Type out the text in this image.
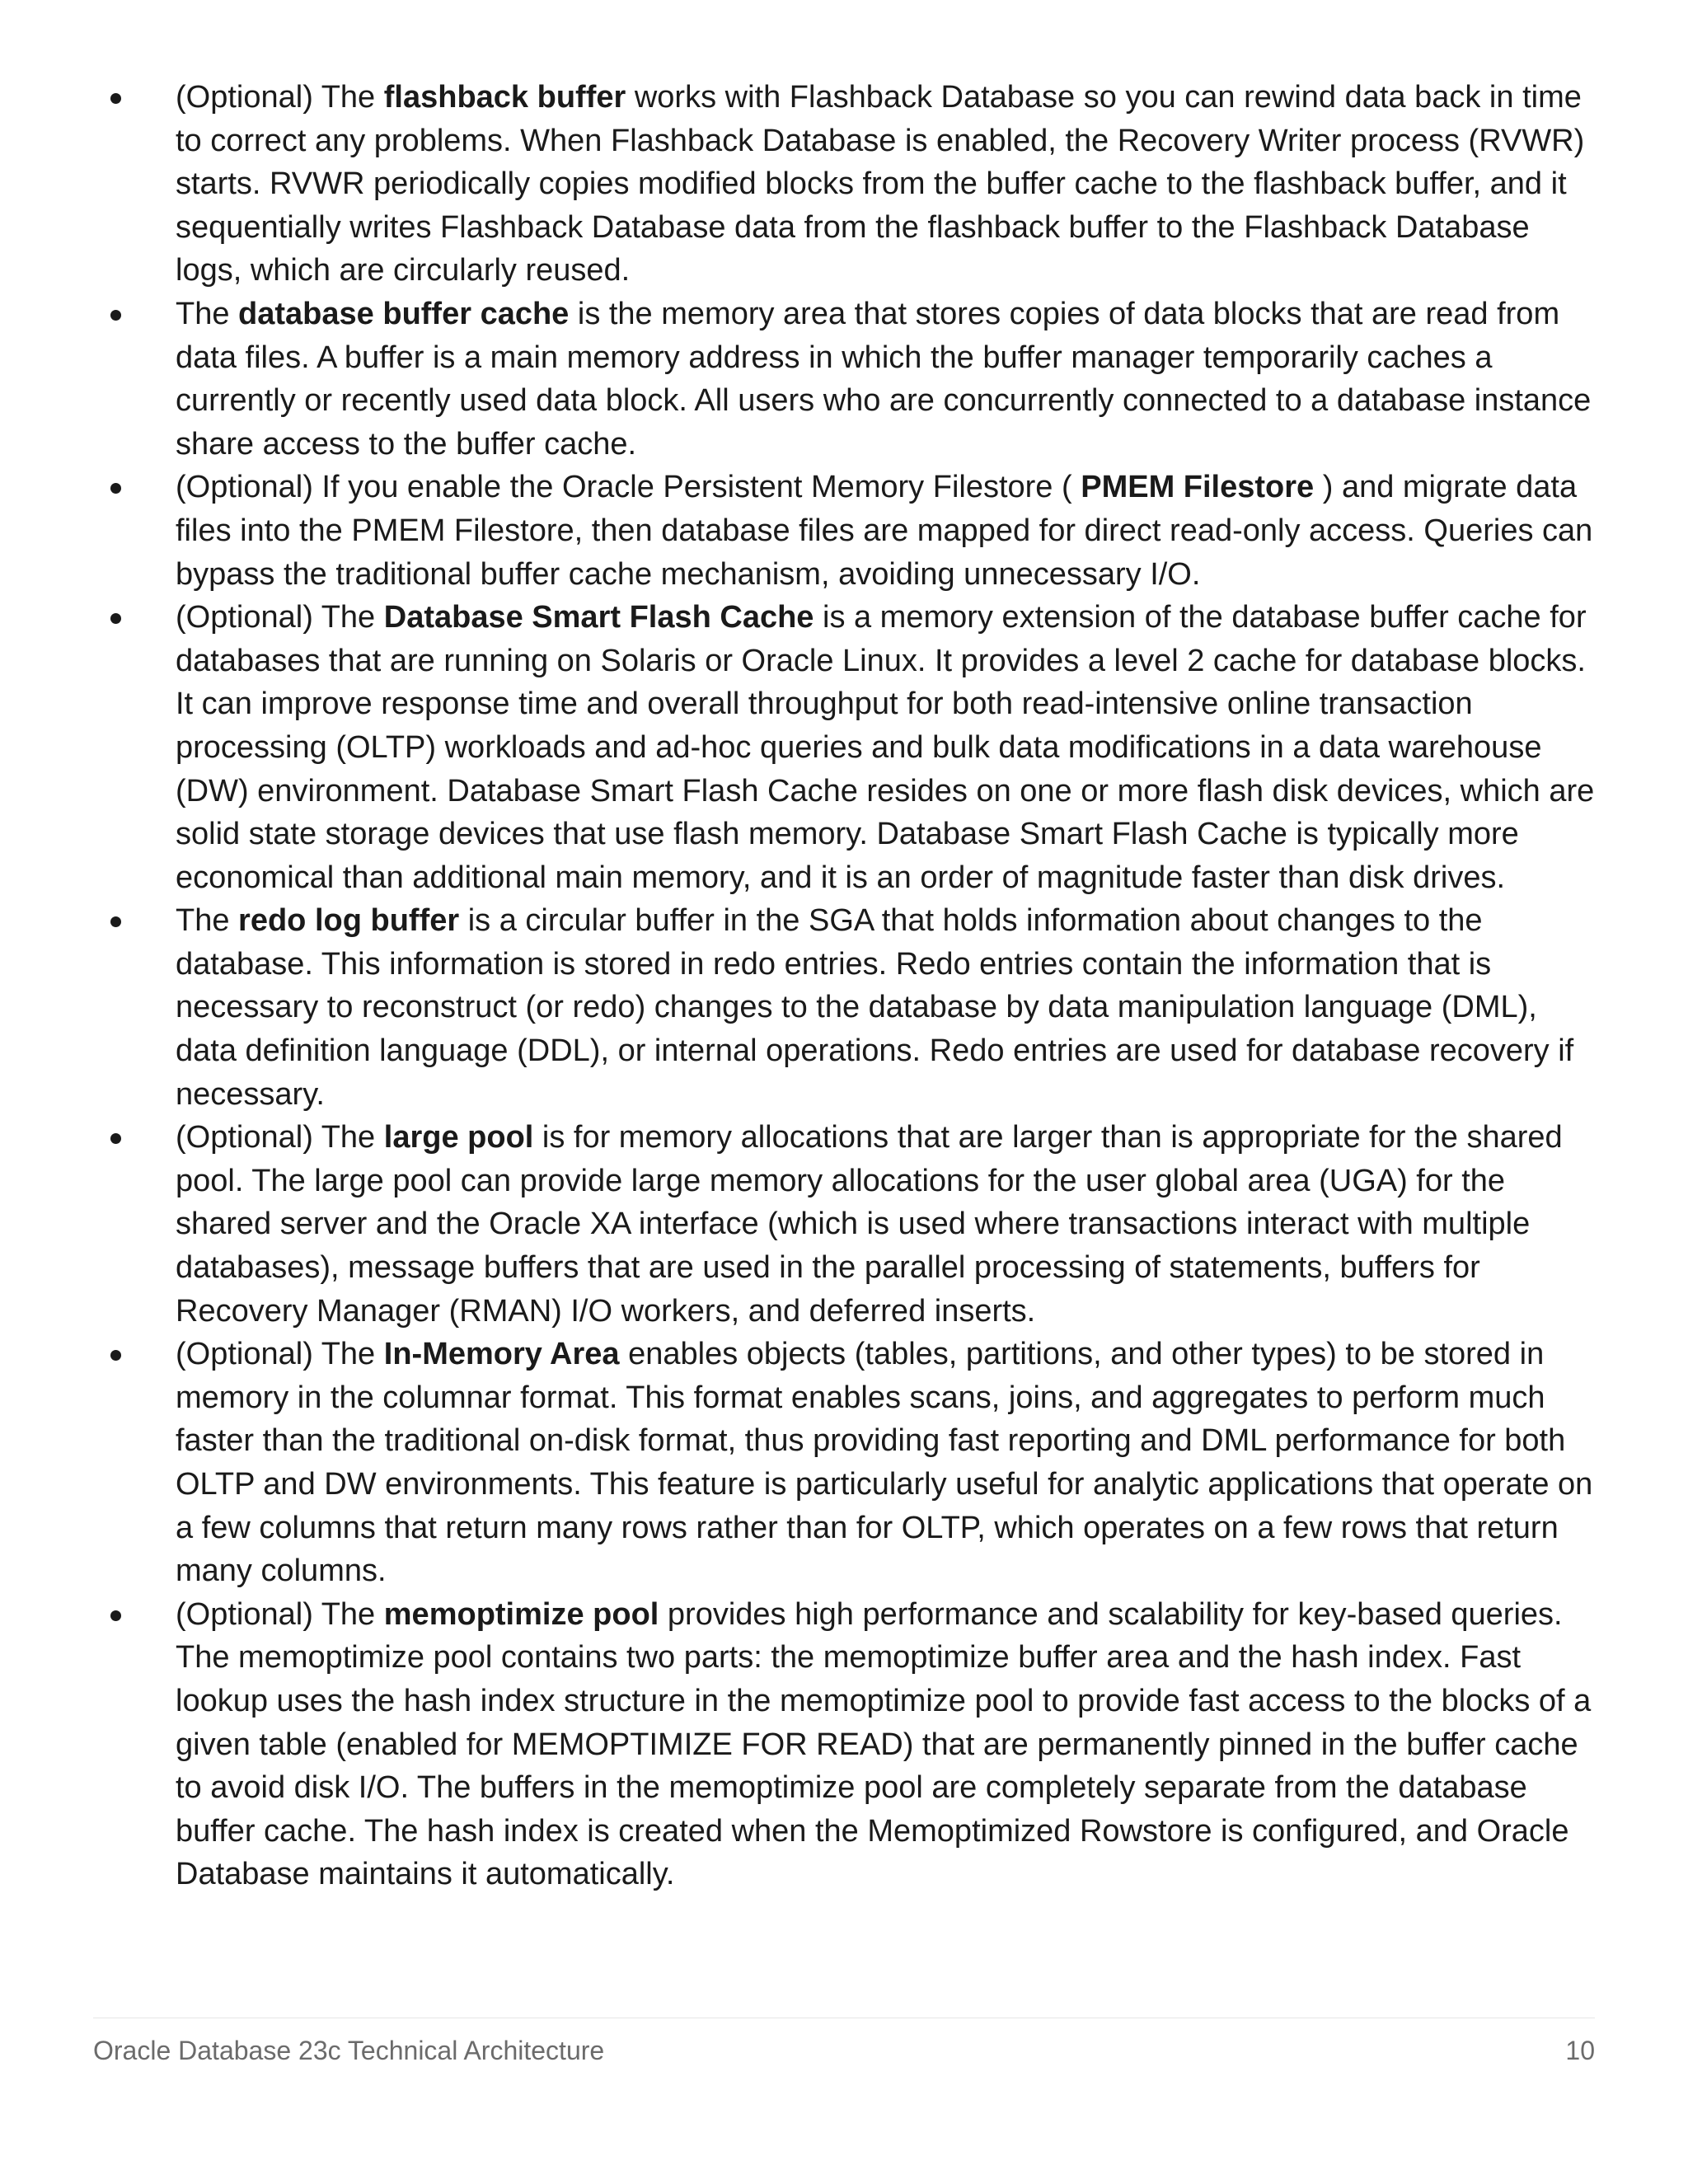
(Optional) The flashback buffer works with Flashback Database so you can rewind data back in time to correct any problems. When Flashback Database is enabled, the Recovery Writer process (RVWR) starts. RVWR periodically copies modified blocks from the buffer cache to the flashback buffer, and it sequentially writes Flashback Database data from the flashback buffer to the Flashback Database logs, which are circularly reused.
The database buffer cache is the memory area that stores copies of data blocks that are read from data files. A buffer is a main memory address in which the buffer manager temporarily caches a currently or recently used data block. All users who are concurrently connected to a database instance share access to the buffer cache.
(Optional) If you enable the Oracle Persistent Memory Filestore ( PMEM Filestore ) and migrate data files into the PMEM Filestore, then database files are mapped for direct read-only access. Queries can bypass the traditional buffer cache mechanism, avoiding unnecessary I/O.
(Optional) The Database Smart Flash Cache is a memory extension of the database buffer cache for databases that are running on Solaris or Oracle Linux. It provides a level 2 cache for database blocks. It can improve response time and overall throughput for both read-intensive online transaction processing (OLTP) workloads and ad-hoc queries and bulk data modifications in a data warehouse (DW) environment. Database Smart Flash Cache resides on one or more flash disk devices, which are solid state storage devices that use flash memory. Database Smart Flash Cache is typically more economical than additional main memory, and it is an order of magnitude faster than disk drives.
The redo log buffer is a circular buffer in the SGA that holds information about changes to the database. This information is stored in redo entries. Redo entries contain the information that is necessary to reconstruct (or redo) changes to the database by data manipulation language (DML), data definition language (DDL), or internal operations. Redo entries are used for database recovery if necessary.
(Optional) The large pool is for memory allocations that are larger than is appropriate for the shared pool. The large pool can provide large memory allocations for the user global area (UGA) for the shared server and the Oracle XA interface (which is used where transactions interact with multiple databases), message buffers that are used in the parallel processing of statements, buffers for Recovery Manager (RMAN) I/O workers, and deferred inserts.
(Optional) The In-Memory Area enables objects (tables, partitions, and other types) to be stored in memory in the columnar format. This format enables scans, joins, and aggregates to perform much faster than the traditional on-disk format, thus providing fast reporting and DML performance for both OLTP and DW environments. This feature is particularly useful for analytic applications that operate on a few columns that return many rows rather than for OLTP, which operates on a few rows that return many columns.
(Optional) The memoptimize pool provides high performance and scalability for key-based queries. The memoptimize pool contains two parts: the memoptimize buffer area and the hash index. Fast lookup uses the hash index structure in the memoptimize pool to provide fast access to the blocks of a given table (enabled for MEMOPTIMIZE FOR READ) that are permanently pinned in the buffer cache to avoid disk I/O. The buffers in the memoptimize pool are completely separate from the database buffer cache. The hash index is created when the Memoptimized Rowstore is configured, and Oracle Database maintains it automatically.
Oracle Database 23c Technical Architecture	10
